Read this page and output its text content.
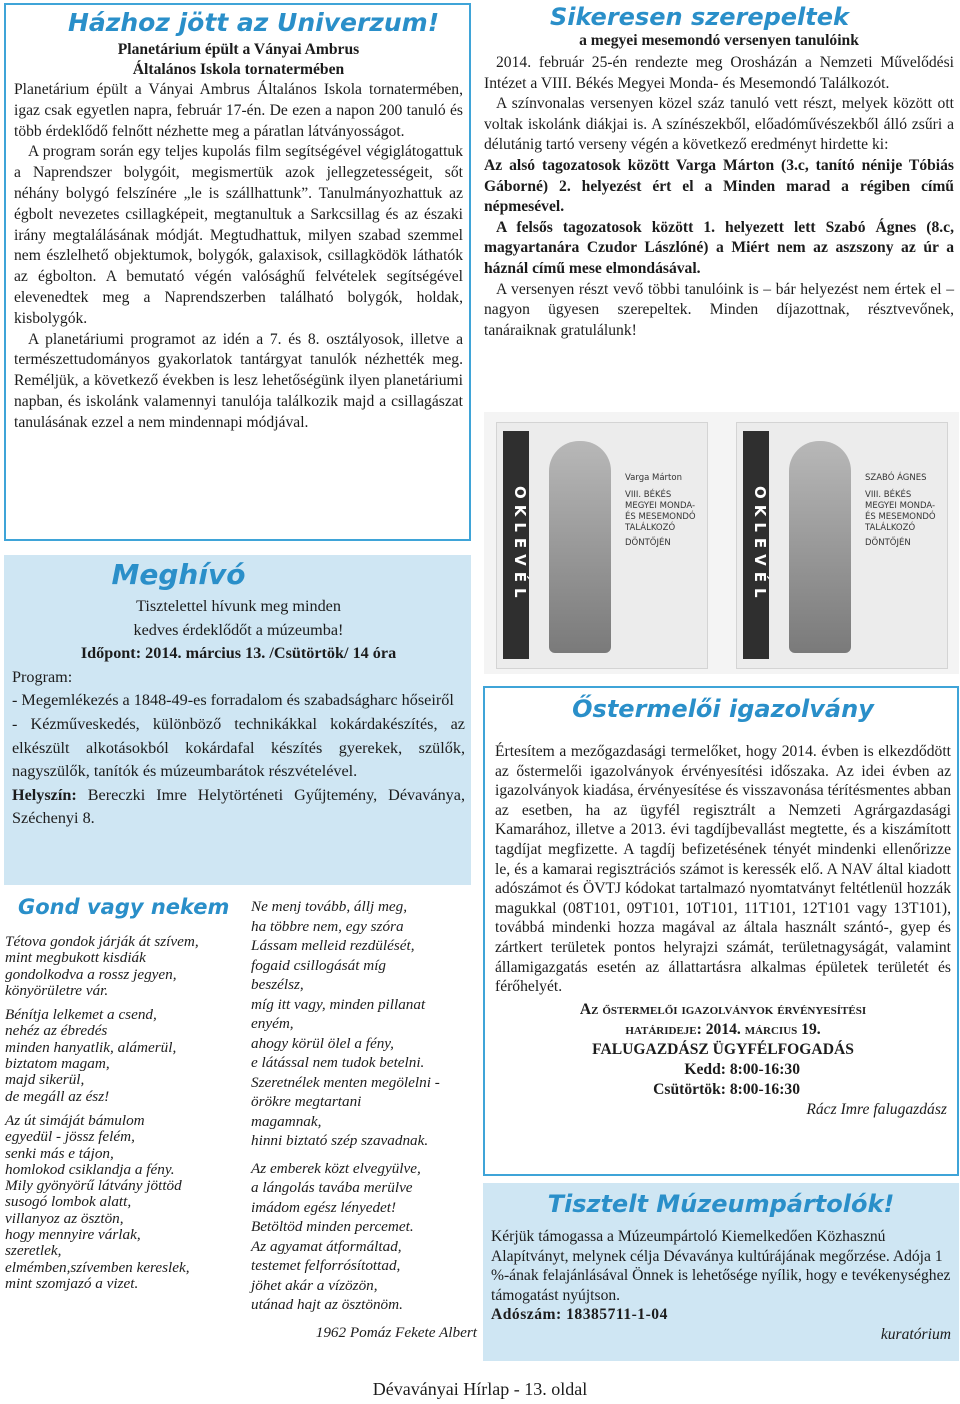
Házhoz jött az Univerzum!
Planetárium épült a Ványai Ambrus
Általános Iskola tornatermében

Planetárium épült a Ványai Ambrus Általános Iskola tornatermében, igaz csak egyetlen napra, február 17-én. De ezen a napon 200 tanuló és több érdeklődő felnőtt nézhette meg a páratlan látványosságot.

A program során egy teljes kupolás film segítségével végiglátogattuk a Naprendszer bolygóit, megismertük azok jellegzetességeit, sőt néhány bolygó felszínére „le is szállhattunk”. Tanulmányozhattuk az égbolt nevezetes csillagképeit, megtanultuk a Sarkcsillag és az északi irány megtalálásának módját. Megtudhattuk, milyen szabad szemmel nem észlelhető objektumok, bolygók, galaxisok, csillagködök láthatók az égbolton. A bemutató végén valósághű felvételek segítségével elevenedtek meg a Naprendszerben található bolygók, holdak, kisbolygók.

A planetáriumi programot az idén a 7. és 8. osztályosok, illetve a természettudományos gyakorlatok tantárgyat tanulók nézhették meg. Reméljük, a következő években is lesz lehetőségünk ilyen planetáriumi napban, és iskolánk valamennyi tanulója találkozik majd a csillagászat tanulásának ezzel a nem mindennapi módjával.

Meghívó

Tisztelettel hívunk meg minden

kedves érdeklődőt a múzeumba!

Időpont: 2014. március 13. /Csütörtök/ 14 óra

Program:

- Megemlékezés a 1848-49-es forradalom és szabadságharc hőseiről

- Kézműveskedés, különböző technikákkal kokárdakészítés, az elkészült alkotásokból kokárdafal készítés gyerekek, szülők, nagyszülők, tanítók és múzeumbarátok részvételével.

Helyszín: Bereczki Imre Helytörténeti Gyűjtemény, Dévaványa, Széchenyi 8.

Gond vagy nekem
Tétova gondok járják át szívem,
mint megbukott kisdiák
gondolkodva a rossz jegyen,
könyörületre vár.
Bénítja lelkemet a csend,
nehéz az ébredés
minden hanyatlik, alámerül,
biztatom magam,
majd sikerül,
de megáll az ész!
Az út simáját bámulom
egyedül - jössz felém,
senki más e tájon,
homlokod csiklandja a fény.
Mily gyönyörű látvány jöttöd
susogó lombok alatt,
villanyoz az ösztön,
hogy mennyire várlak,
szeretlek,
elmémben,szívemben kereslek,
mint szomjazó a vizet.
Ne menj tovább, állj meg,
ha többre nem, egy szóra
Lássam melleid rezdülését,
fogaid csillogását míg
beszélsz,
míg itt vagy, minden pillanat
enyém,
ahogy körül ölel a fény,
e látással nem tudok betelni.
Szeretnélek menten megölelni -
örökre megtartani
magamnak,
hinni biztató szép szavadnak.
Az emberek közt elvegyülve,
a lángolás tavába merülve
imádom egész lényedet!
Betöltöd minden percemet.
Az agyamat átformáltad,
testemet felforrósítottad,
jöhet akár a vízözön,
utánad hajt az ösztönöm.
1962 Pomáz Fekete Albert
Sikeresen szerepeltek
a megyei mesemondó versenyen tanulóink

2014. február 25-én rendezte meg Orosházán a Nemzeti Művelődési Intézet a VIII. Békés Megyei Monda- és Mesemondó Találkozót.

A színvonalas versenyen közel száz tanuló vett részt, melyek között ott voltak iskolánk diákjai is. A színészekből, előadóművészekből álló zsűri a délutánig tartó verseny végén a következő eredményt hirdette ki:

Az alsó tagozatosok között Varga Márton (3.c, tanító nénije Tóbiás Gáborné) 2. helyezést ért el a Minden marad a régiben című népmesével.

A felsős tagozatosok között 1. helyezett lett Szabó Ágnes (8.c, magyartanára Czudor Lászlóné) a Miért nem az aszszony az úr a háznál című mese elmondásával.

A versenyen részt vevő többi tanulóink is – bár helyezést nem értek el – nagyon ügyesen szerepeltek. Minden díjazottnak, résztvevőnek, tanáraiknak gratulálunk!

OKLEVÉL
Varga Márton
VIII. BÉKÉS MEGYEI MONDA- ÉS MESEMONDÓ TALÁLKOZÓ
DÖNTŐJÉN	OKLEVÉL
SZABÓ ÁGNES
VIII. BÉKÉS MEGYEI MONDA- ÉS MESEMONDÓ TALÁLKOZÓ
DÖNTŐJÉN
Őstermelői igazolvány

Értesítem a mezőgazdasági termelőket, hogy 2014. évben is elkezdődött az őstermelői igazolványok érvényesítési időszaka. Az idei évben az igazolványok kiadása, érvényesítése és visszavonása térítésmentes abban az esetben, ha az ügyfél regisztrált a Nemzeti Agrárgazdasági Kamarához, illetve a 2013. évi tagdíjbevallást megtette, és a kiszámított tagdíjat megfizette. A tagdíj befizetésének tényét mindenki ellenőrizze le, és a kamarai regisztrációs számot is keressék elő. A NAV által kiadott adószámot és ÖVTJ kódokat tartalmazó nyomtatványt feltétlenül hozzák magukkal (08T101, 09T101, 10T101, 11T101, 12T101 vagy 13T101), továbbá mindenki hozza magával az általa használt szántó-, gyep és zártkert területek pontos helyrajzi számát, területnagyságát, valamint államigazgatás esetén az állattartásra alkalmas épületek területét és férőhelyét.

Az őstermelői igazolványok érvényesítési
határideje: 2014. március 19.
FALUGAZDÁSZ ÜGYFÉLFOGADÁS
Kedd: 8:00-16:30
Csütörtök: 8:00-16:30

Rácz Imre falugazdász

Tisztelt Múzeumpártolók!

Kérjük támogassa a Múzeumpártoló Kiemelkedően Közhasznú Alapítványt, melynek célja Dévaványa kultúrájának megőrzése. Adója 1 %-ának felajánlásával Önnek is lehetősége nyílik, hogy e tevékenységhez támogatást nyújtson.

Adószám: 18385711-1-04

kuratórium

Dévaványai Hírlap - 13. oldal
